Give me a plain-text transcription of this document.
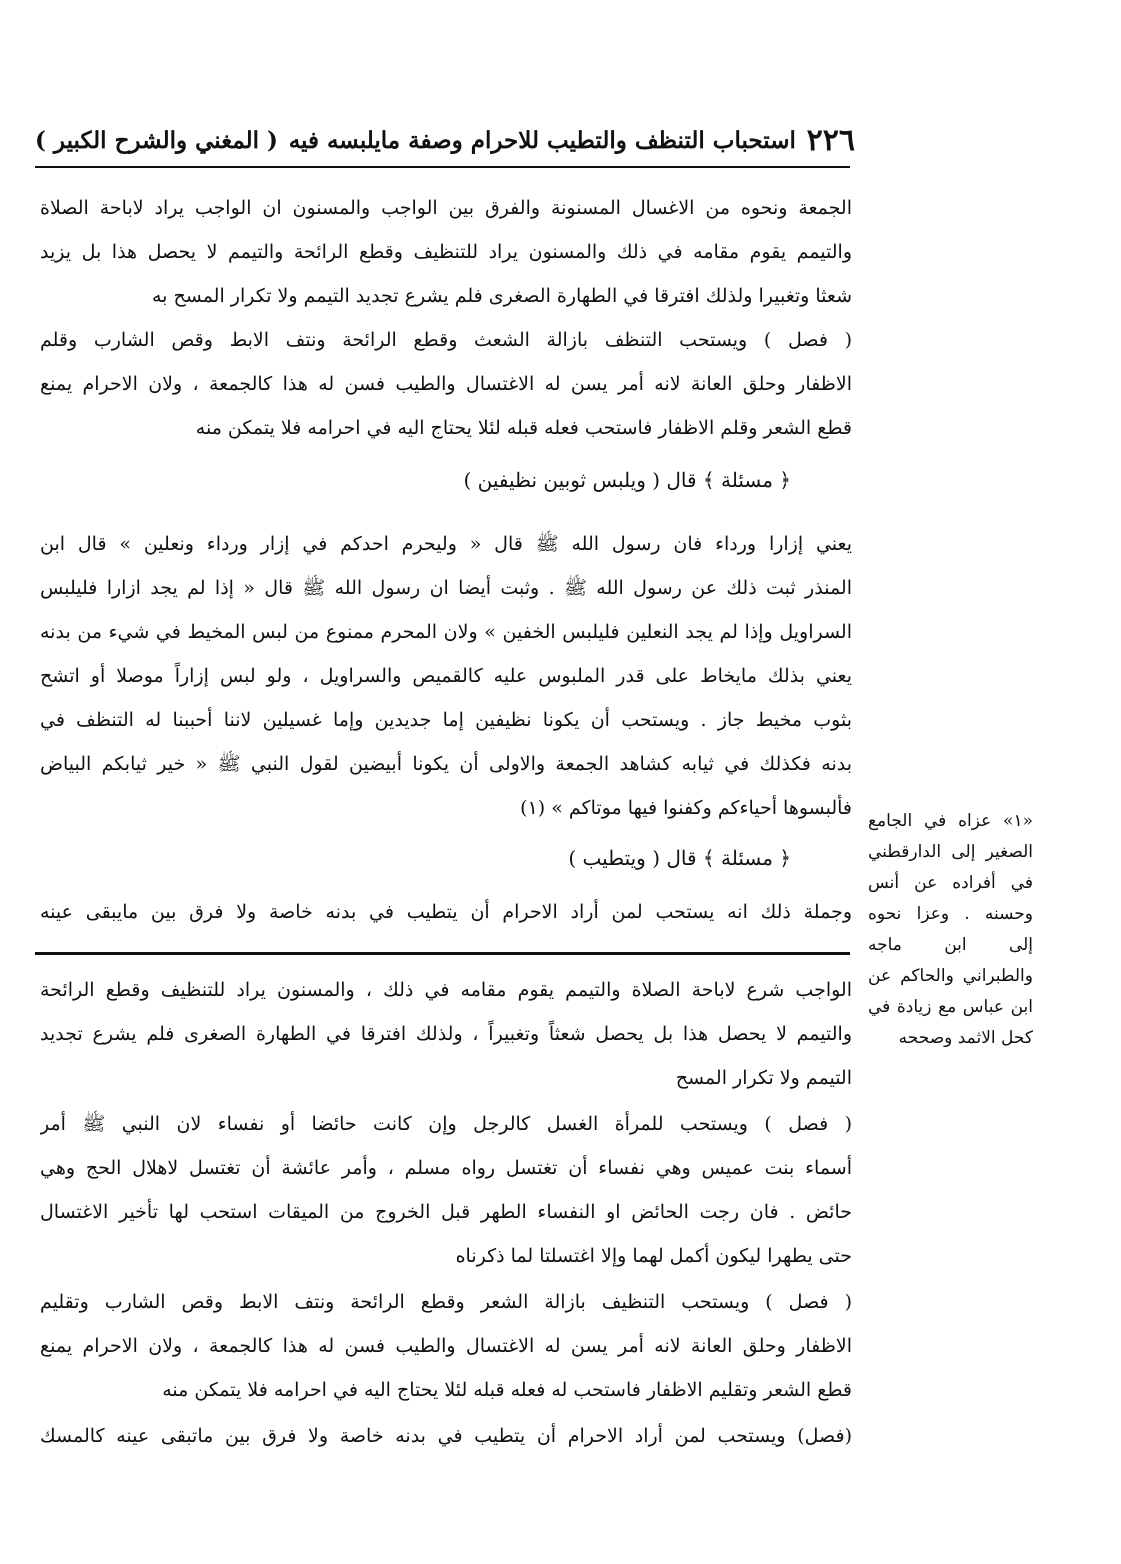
٢٢٦
استحباب التنظف والتطيب للاحرام وصفة مايلبسه فيه
( المغني والشرح الكبير )
الجمعة ونحوه من الاغسال المسنونة والفرق بين الواجب والمسنون ان الواجب يراد لاباحة الصلاة
والتيمم يقوم مقامه في ذلك والمسنون يراد للتنظيف وقطع الرائحة والتيمم لا يحصل هذا بل يزيد
شعثا وتغبيرا ولذلك افترقا في الطهارة الصغرى فلم يشرع تجديد التيمم ولا تكرار المسح به
( فصل ) ويستحب التنظف بازالة الشعث وقطع الرائحة ونتف الابط وقص الشارب وقلم
الاظفار وحلق العانة لانه أمر يسن له الاغتسال والطيب فسن له هذا كالجمعة ، ولان الاحرام يمنع
قطع الشعر وقلم الاظفار فاستحب فعله قبله لئلا يحتاج اليه في احرامه فلا يتمكن منه
﴿ مسئلة ﴾ قال ( ويلبس ثوبين نظيفين )
يعني إزارا ورداء فان رسول الله ﷺ قال « وليحرم احدكم في إزار ورداء ونعلين » قال ابن
المنذر ثبت ذلك عن رسول الله ﷺ . وثبت أيضا ان رسول الله ﷺ قال « إذا لم يجد ازارا فليلبس
السراويل وإذا لم يجد النعلين فليلبس الخفين » ولان المحرم ممنوع من لبس المخيط في شيء من بدنه
يعني بذلك مايخاط على قدر الملبوس عليه كالقميص والسراويل ، ولو لبس إزاراً موصلا أو اتشح
بثوب مخيط جاز . ويستحب أن يكونا نظيفين إما جديدين وإما غسيلين لاننا أحببنا له التنظف في
بدنه فكذلك في ثيابه كشاهد الجمعة والاولى أن يكونا أبيضين لقول النبي ﷺ « خير ثيابكم البياض
فألبسوها أحياءكم وكفنوا فيها موتاكم » (١)
﴿ مسئلة ﴾ قال ( ويتطيب )
وجملة ذلك انه يستحب لمن أراد الاحرام أن يتطيب في بدنه خاصة ولا فرق بين مايبقى عينه
«١» عزاه في الجامع
الصغير إلى الدارقطني
في أفراده عن أنس
وحسنه . وعزا نحوه
إلى ابن ماجه
والطبراني والحاكم عن
ابن عباس مع زيادة في
كحل الاثمد وصححه
الواجب شرع لاباحة الصلاة والتيمم يقوم مقامه في ذلك ، والمسنون يراد للتنظيف وقطع الرائحة
والتيمم لا يحصل هذا بل يحصل شعثاً وتغبيراً ، ولذلك افترقا في الطهارة الصغرى فلم يشرع تجديد
التيمم ولا تكرار المسح
( فصل ) ويستحب للمرأة الغسل كالرجل وإن كانت حائضا أو نفساء لان النبي ﷺ أمر
أسماء بنت عميس وهي نفساء أن تغتسل رواه مسلم ، وأمر عائشة أن تغتسل لاهلال الحج وهي
حائض . فان رجت الحائض او النفساء الطهر قبل الخروج من الميقات استحب لها تأخير الاغتسال
حتى يطهرا ليكون أكمل لهما وإلا اغتسلتا لما ذكرناه
( فصل ) ويستحب التنظيف بازالة الشعر وقطع الرائحة ونتف الابط وقص الشارب وتقليم
الاظفار وحلق العانة لانه أمر يسن له الاغتسال والطيب فسن له هذا كالجمعة ، ولان الاحرام يمنع
قطع الشعر وتقليم الاظفار فاستحب له فعله قبله لئلا يحتاج اليه في احرامه فلا يتمكن منه
(فصل) ويستحب لمن أراد الاحرام أن يتطيب في بدنه خاصة ولا فرق بين ماتبقى عينه كالمسك
